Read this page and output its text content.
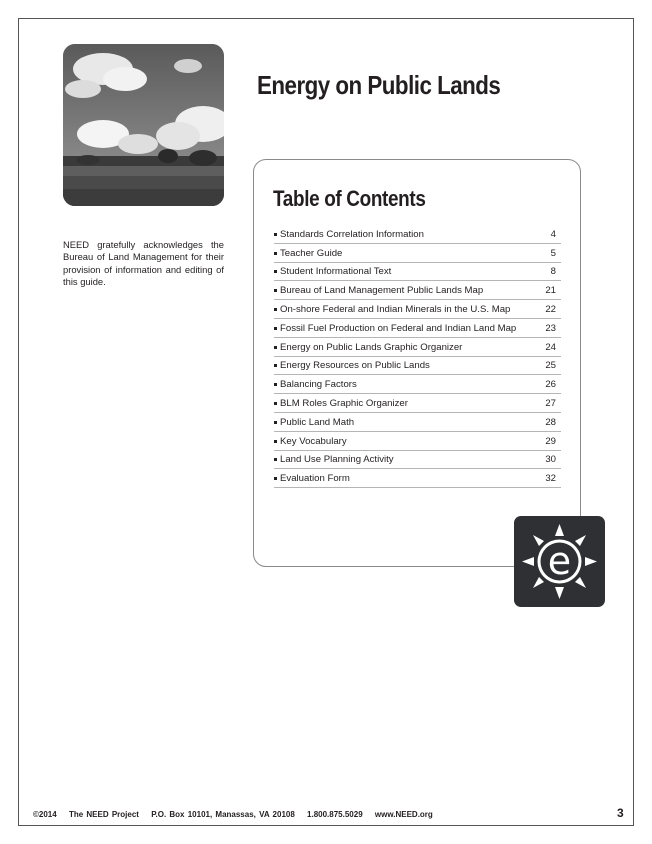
NEED gratefully acknowledges the Bureau of Land Management for their provision of information and editing of this guide.
Energy on Public Lands
Table of Contents
Standards Correlation Information	4
Teacher Guide	5
Student Informational Text	8
Bureau of Land Management Public Lands Map	21
On-shore Federal and Indian Minerals in the U.S. Map	22
Fossil Fuel Production on Federal and Indian Land Map	23
Energy on Public Lands Graphic Organizer	24
Energy Resources on Public Lands	25
Balancing Factors	26
BLM Roles Graphic Organizer	27
Public Land Math	28
Key Vocabulary	29
Land Use Planning Activity	30
Evaluation Form	32
e
©2014 The NEED Project P.O. Box 10101, Manassas, VA 20108 1.800.875.5029 www.NEED.org	3
